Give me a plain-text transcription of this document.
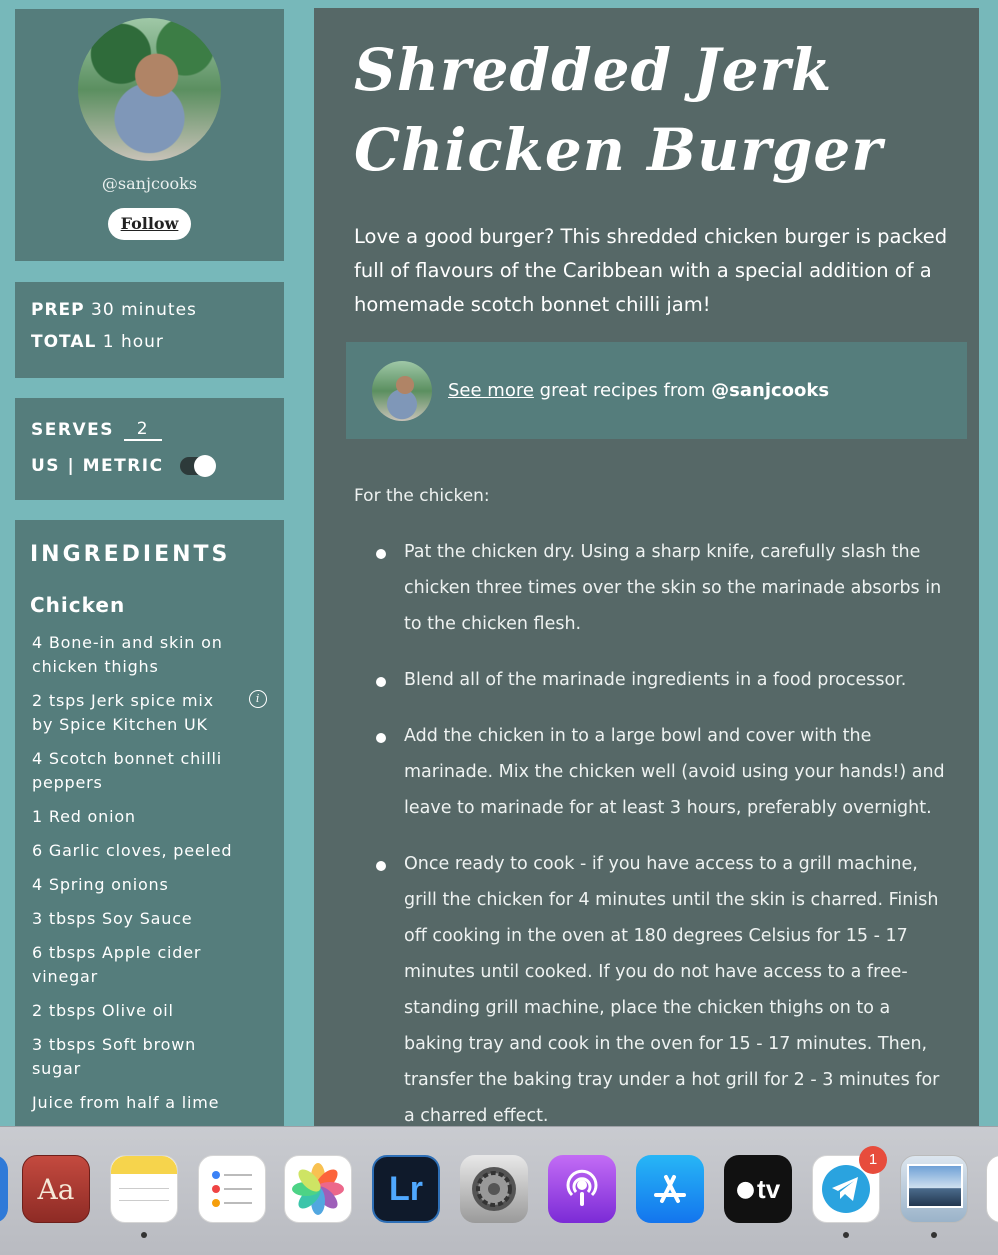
@sanjcooks
Follow
PREP 30 minutes
TOTAL 1 hour
SERVES	2
US | METRIC
INGREDIENTS
Chicken
4 Bone-in and skin on chicken thighs
2 tsps Jerk spice mix by Spice Kitchen UK
i
4 Scotch bonnet chilli peppers
1 Red onion
6 Garlic cloves, peeled
4 Spring onions
3 tbsps Soy Sauce
6 tbsps Apple cider vinegar
2 tbsps Olive oil
3 tbsps Soft brown sugar
Juice from half a lime
Shredded Jerk Chicken Burger

Love a good burger? This shredded chicken burger is packed full of flavours of the Caribbean with a special addition of a homemade scotch bonnet chilli jam!

See more great recipes from @sanjcooks

For the chicken:

Pat the chicken dry. Using a sharp knife, carefully slash the chicken three times over the skin so the marinade absorbs in to the chicken flesh.
Blend all of the marinade ingredients in a food processor.
Add the chicken in to a large bowl and cover with the marinade. Mix the chicken well (avoid using your hands!) and leave to marinade for at least 3 hours, preferably overnight.
Once ready to cook - if you have access to a grill machine, grill the chicken for 4 minutes until the skin is charred. Finish off cooking in the oven at 180 degrees Celsius for 15 - 17 minutes until cooked. If you do not have access to a free-standing grill machine, place the chicken thighs on to a baking tray and cook in the oven for 15 - 17 minutes. Then, transfer the baking tray under a hot grill for 2 - 3 minutes for a charred effect.
Aa	Lr	● tv
1
